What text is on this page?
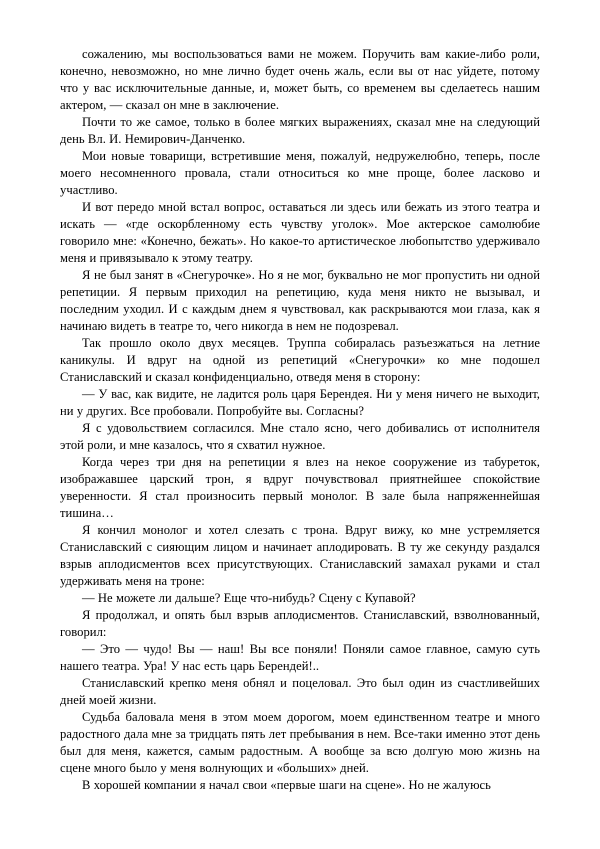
сожалению, мы воспользоваться вами не можем. Поручить вам какие-либо роли, конечно, невозможно, но мне лично будет очень жаль, если вы от нас уйдете, потому что у вас исключительные данные, и, может быть, со временем вы сделаетесь нашим актером, — сказал он мне в заключение.

Почти то же самое, только в более мягких выражениях, сказал мне на следующий день Вл. И. Немирович-Данченко.

Мои новые товарищи, встретившие меня, пожалуй, недружелюбно, теперь, после моего несомненного провала, стали относиться ко мне проще, более ласково и участливо.

И вот передо мной встал вопрос, оставаться ли здесь или бежать из этого театра и искать — «где оскорбленному есть чувству уголок». Мое актерское самолюбие говорило мне: «Конечно, бежать». Но какое-то артистическое любопытство удерживало меня и привязывало к этому театру.

Я не был занят в «Снегурочке». Но я не мог, буквально не мог пропустить ни одной репетиции. Я первым приходил на репетицию, куда меня никто не вызывал, и последним уходил. И с каждым днем я чувствовал, как раскрываются мои глаза, как я начинаю видеть в театре то, чего никогда в нем не подозревал.

Так прошло около двух месяцев. Труппа собиралась разъезжаться на летние каникулы. И вдруг на одной из репетиций «Снегурочки» ко мне подошел Станиславский и сказал конфиденциально, отведя меня в сторону:

— У вас, как видите, не ладится роль царя Берендея. Ни у меня ничего не выходит, ни у других. Все пробовали. Попробуйте вы. Согласны?

Я с удовольствием согласился. Мне стало ясно, чего добивались от исполнителя этой роли, и мне казалось, что я схватил нужное.

Когда через три дня на репетиции я влез на некое сооружение из табуреток, изображавшее царский трон, я вдруг почувствовал приятнейшее спокойствие уверенности. Я стал произносить первый монолог. В зале была напряженнейшая тишина…

Я кончил монолог и хотел слезать с трона. Вдруг вижу, ко мне устремляется Станиславский с сияющим лицом и начинает аплодировать. В ту же секунду раздался взрыв аплодисментов всех присутствующих. Станиславский замахал руками и стал удерживать меня на троне:

— Не можете ли дальше? Еще что-нибудь? Сцену с Купавой?

Я продолжал, и опять был взрыв аплодисментов. Станиславский, взволнованный, говорил:

— Это — чудо! Вы — наш! Вы все поняли! Поняли самое главное, самую суть нашего театра. Ура! У нас есть царь Берендей!..

Станиславский крепко меня обнял и поцеловал. Это был один из счастливейших дней моей жизни.

Судьба баловала меня в этом моем дорогом, моем единственном театре и много радостного дала мне за тридцать пять лет пребывания в нем. Все-таки именно этот день был для меня, кажется, самым радостным. А вообще за всю долгую мою жизнь на сцене много было у меня волнующих и «больших» дней.

В хорошей компании я начал свои «первые шаги на сцене». Но не жалуюсь
